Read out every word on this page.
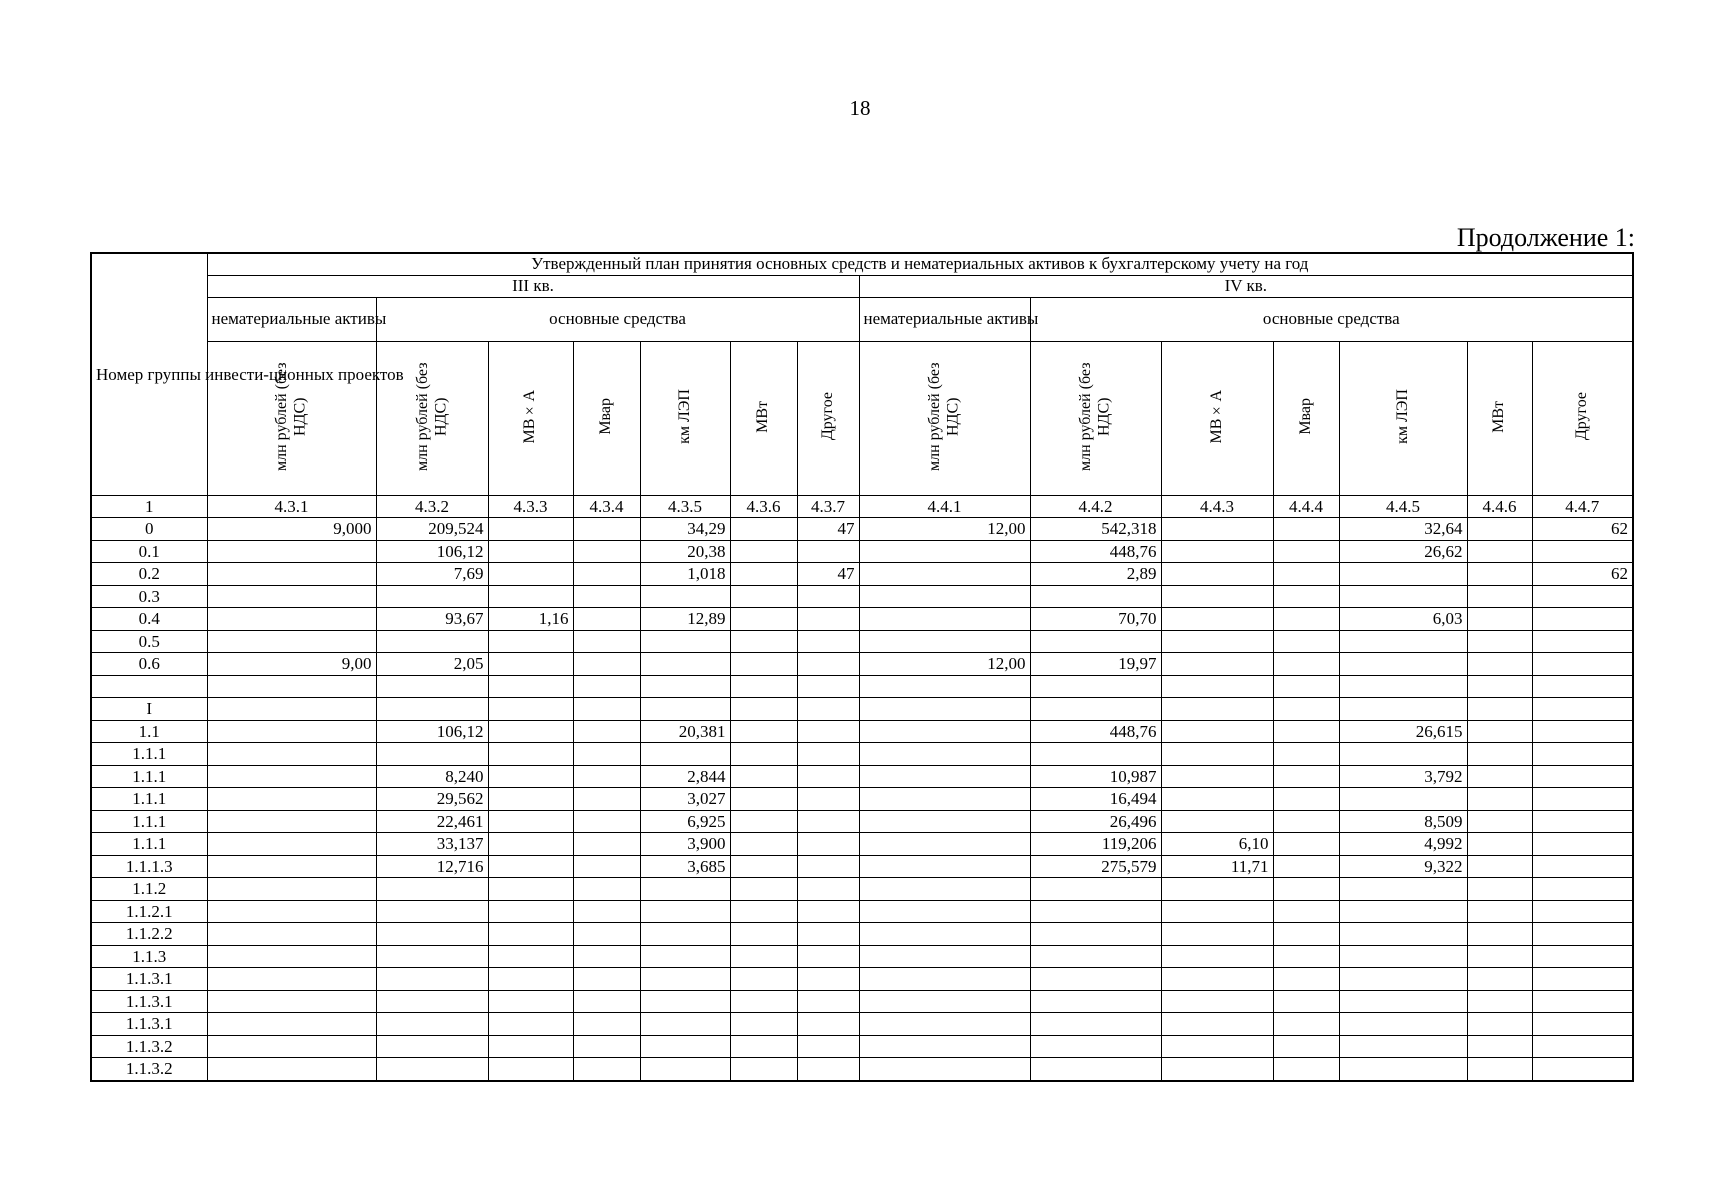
18
Продолжение 1:
Номер группы инвести-ционных проектов	Утвержденный план принятия основных средств и нематериальных активов к бухгалтерскому учету на год													
	III кв.							IV кв.						
	нематериальные активы	основные средства						нематериальные активы	основные средства					
	млн рублей (без НДС)	млн рублей (без НДС)	МВ×А	Мвар	км ЛЭП	МВт	Другое	млн рублей (без НДС)	млн рублей (без НДС)	МВ×А	Мвар	км ЛЭП	МВт	Другое
1	4.3.1	4.3.2	4.3.3	4.3.4	4.3.5	4.3.6	4.3.7	4.4.1	4.4.2	4.4.3	4.4.4	4.4.5	4.4.6	4.4.7
0	9,000	209,524			34,29		47	12,00	542,318			32,64		62
0.1		106,12			20,38				448,76			26,62		
0.2		7,69			1,018		47		2,89					62
0.3														
0.4		93,67	1,16		12,89				70,70			6,03		
0.5														
0.6	9,00	2,05						12,00	19,97					

I														
1.1		106,12			20,381				448,76			26,615		
1.1.1														
1.1.1		8,240			2,844				10,987			3,792		
1.1.1		29,562			3,027				16,494					
1.1.1		22,461			6,925				26,496			8,509		
1.1.1		33,137			3,900				119,206	6,10		4,992		
1.1.1.3		12,716			3,685				275,579	11,71		9,322		
1.1.2														
1.1.2.1														
1.1.2.2														
1.1.3														
1.1.3.1														
1.1.3.1														
1.1.3.1														
1.1.3.2														
1.1.3.2														
